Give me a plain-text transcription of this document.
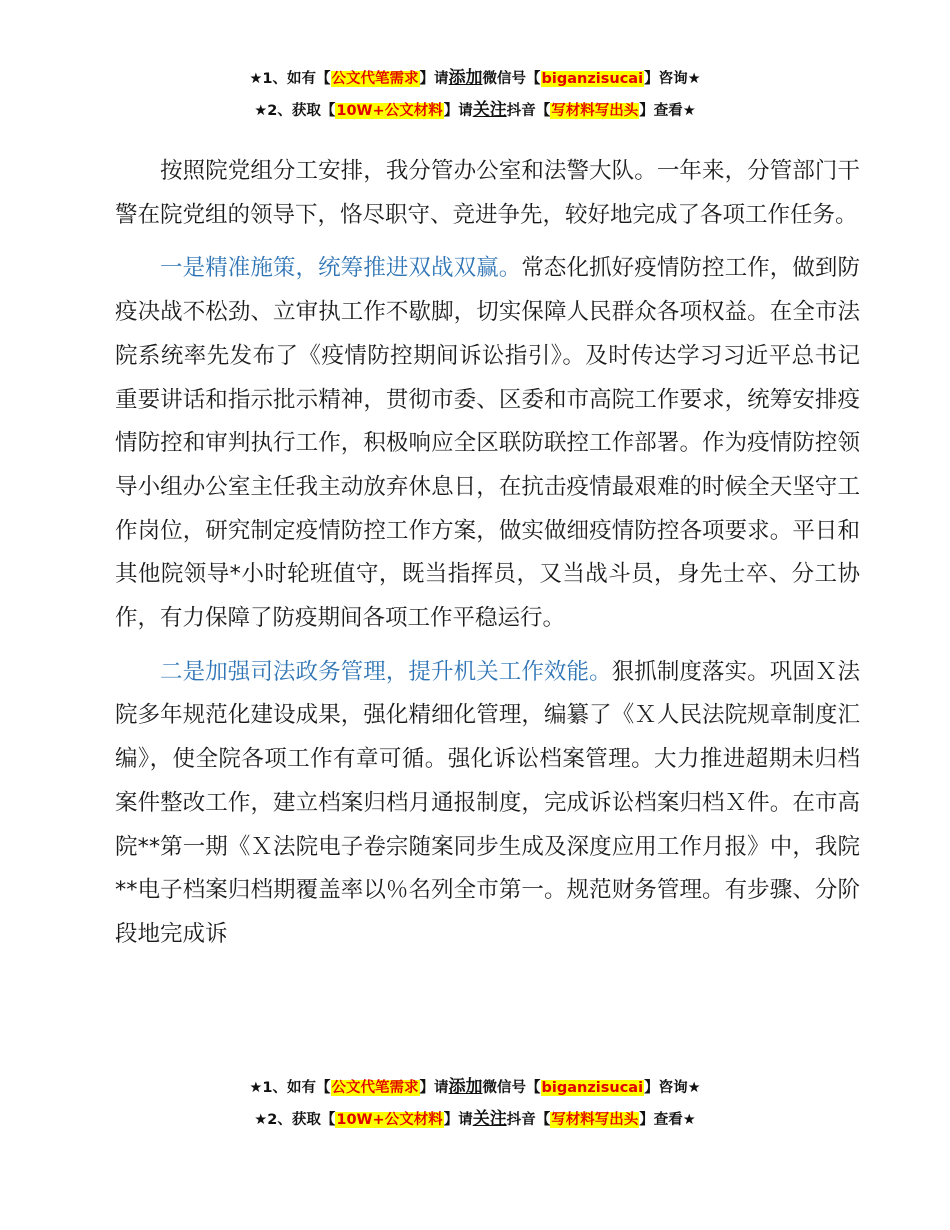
★1、如有【公文代笔需求】请添加微信号【biganzisucai】咨询★
★2、获取【10W+公文材料】请关注抖音【写材料写出头】查看★

按照院党组分工安排，我分管办公室和法警大队。一年来，分管部门干警在院党组的领导下，恪尽职守、竞进争先，较好地完成了各项工作任务。

一是精准施策，统筹推进双战双赢。常态化抓好疫情防控工作，做到防疫决战不松劲、立审执工作不歇脚，切实保障人民群众各项权益。在全市法院系统率先发布了《疫情防控期间诉讼指引》。及时传达学习习近平总书记重要讲话和指示批示精神，贯彻市委、区委和市高院工作要求，统筹安排疫情防控和审判执行工作，积极响应全区联防联控工作部署。作为疫情防控领导小组办公室主任我主动放弃休息日，在抗击疫情最艰难的时候全天坚守工作岗位，研究制定疫情防控工作方案，做实做细疫情防控各项要求。平日和其他院领导*小时轮班值守，既当指挥员，又当战斗员，身先士卒、分工协作，有力保障了防疫期间各项工作平稳运行。

二是加强司法政务管理，提升机关工作效能。狠抓制度落实。巩固Ｘ法院多年规范化建设成果，强化精细化管理，编纂了《Ｘ人民法院规章制度汇编》，使全院各项工作有章可循。强化诉讼档案管理。大力推进超期未归档案件整改工作，建立档案归档月通报制度，完成诉讼档案归档Ｘ件。在市高院**第一期《Ｘ法院电子卷宗随案同步生成及深度应用工作月报》中，我院**电子档案归档期覆盖率以％名列全市第一。规范财务管理。有步骤、分阶段地完成诉

★1、如有【公文代笔需求】请添加微信号【biganzisucai】咨询★
★2、获取【10W+公文材料】请关注抖音【写材料写出头】查看★
